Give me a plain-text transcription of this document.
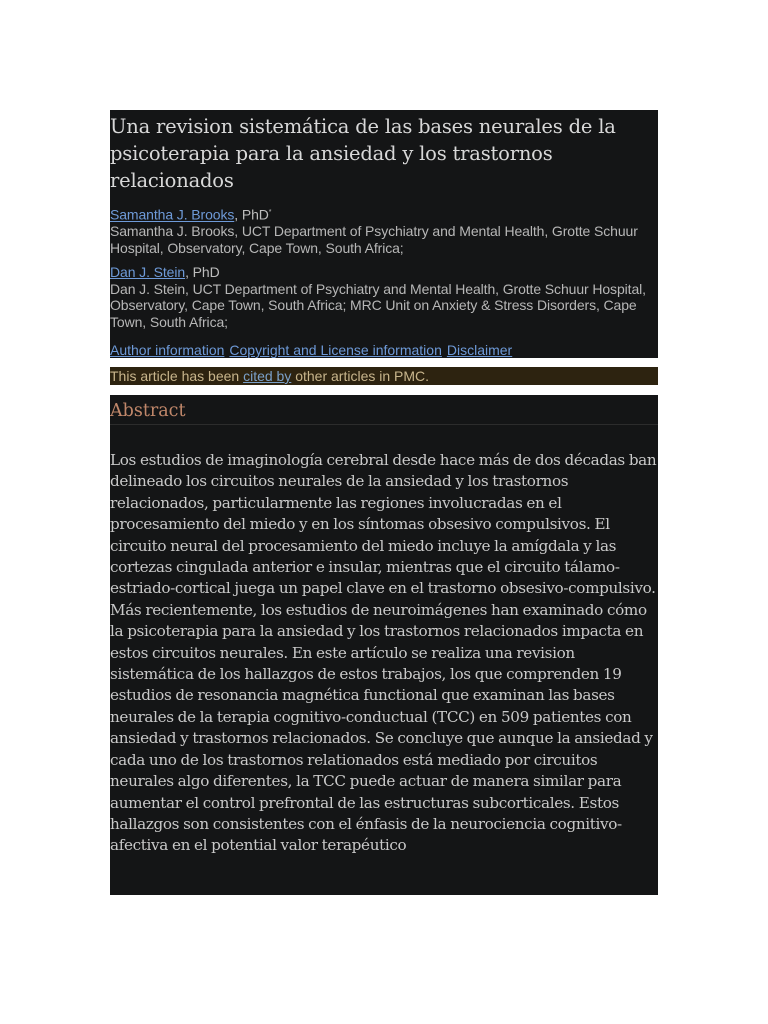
Una revision sistemática de las bases neurales de la psicoterapia para la ansiedad y los trastornos relacionados
Samantha J. Brooks, PhD*
Samantha J. Brooks, UCT Department of Psychiatry and Mental Health, Grotte Schuur Hospital, Observatory, Cape Town, South Africa;
Dan J. Stein, PhD
Dan J. Stein, UCT Department of Psychiatry and Mental Health, Grotte Schuur Hospital, Observatory, Cape Town, South Africa; MRC Unit on Anxiety & Stress Disorders, Cape Town, South Africa;
Author information Copyright and License information Disclaimer
This article has been cited by other articles in PMC.
Abstract

Los estudios de imaginología cerebral desde hace más de dos décadas ban delineado los circuitos neurales de la ansiedad y los trastornos relacionados, particularmente las regiones involucradas en el procesamiento del miedo y en los síntomas obsesivo compulsivos. El circuito neural del procesamiento del miedo incluye la amígdala y las cortezas cingulada anterior e insular, mientras que el circuito tálamo-estriado-cortical juega un papel clave en el trastorno obsesivo-compulsivo. Más recientemente, los estudios de neuroimágenes han examinado cómo la psicoterapia para la ansiedad y los trastornos relacionados impacta en estos circuitos neurales. En este artículo se realiza una revision sistemática de los hallazgos de estos trabajos, los que comprenden 19 estudios de resonancia magnética functional que examinan las bases neurales de la terapia cognitivo-conductual (TCC) en 509 patientes con ansiedad y trastornos relacionados. Se concluye que aunque la ansiedad y cada uno de los trastornos relationados está mediado por circuitos neurales algo diferentes, la TCC puede actuar de manera similar para aumentar el control prefrontal de las estructuras subcorticales. Estos hallazgos son consistentes con el énfasis de la neurociencia cognitivo-afectiva en el potential valor terapéutico
